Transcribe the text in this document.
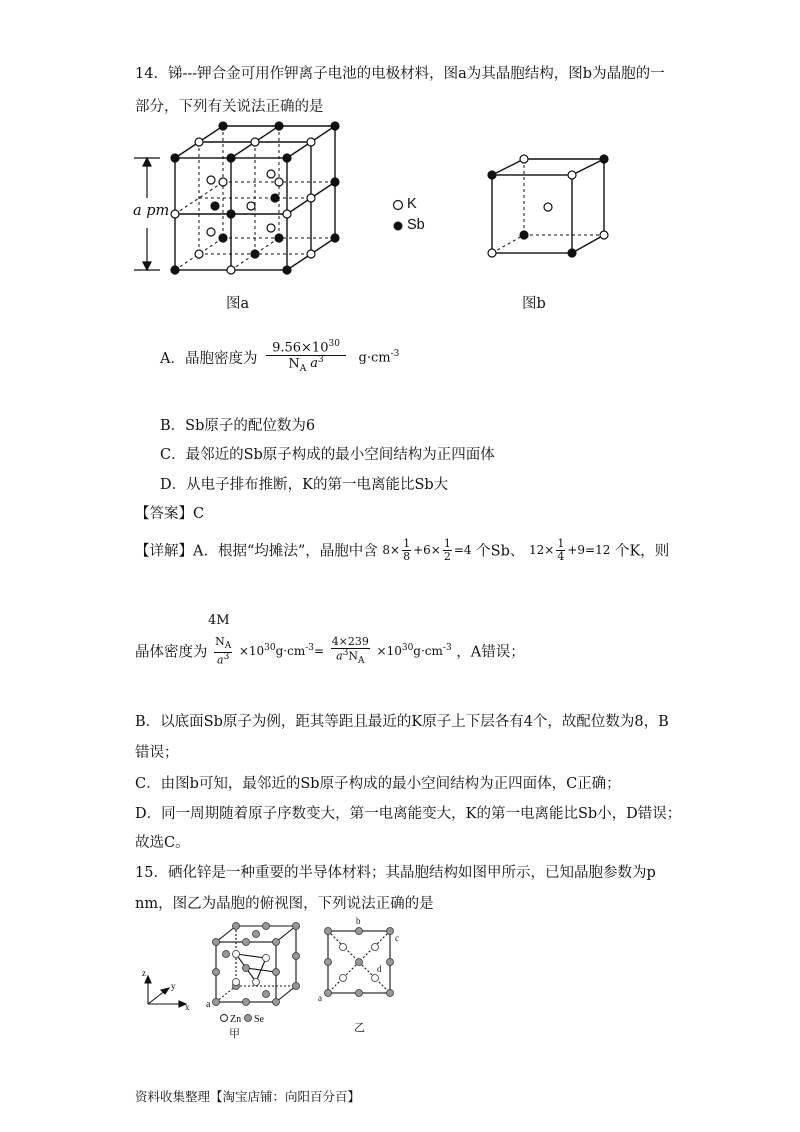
14．锑---钾合金可用作钾离子电池的电极材料，图a为其晶胞结构，图b为晶胞的一
部分，下列有关说法正确的是
a pm
图a
K
Sb
图b
A．晶胞密度为 $\frac{9.56\times 10^{30}}{N_A a^3} g\cdot cm^{-3}$
B．Sb原子的配位数为6
C．最邻近的Sb原子构成的最小空间结构为正四面体
D．从电子排布推断，K的第一电离能比Sb大
【答案】C
【详解】A．根据“均摊法”，晶胞中含 $8\times \frac{1}{8} +6\times \frac{1}{2} =4$ 个Sb、 $12\times \frac{1}{4} +9=12$ 个K，则
4M
晶体密度为 $\frac{N_A}{a^3} \times 10^{30}g\cdot cm^{-3}= \frac{4\times 239}{a^3N_A} \times 10^{30}g\cdot cm^{-3}$ ，A错误；
B．以底面Sb原子为例，距其等距且最近的K原子上下层各有4个，故配位数为8，B
错误；
C．由图b可知，最邻近的Sb原子构成的最小空间结构为正四面体，C正确；
D．同一周期随着原子序数变大，第一电离能变大，K的第一电离能比Sb小，D错误；
故选C。
15．硒化锌是一种重要的半导体材料；其晶胞结构如图甲所示，已知晶胞参数为p
nm，图乙为晶胞的俯视图，下列说法正确的是
z
y
x a
Zn Se
甲
b
c
d
a
乙
资料收集整理【淘宝店铺：向阳百分百】
